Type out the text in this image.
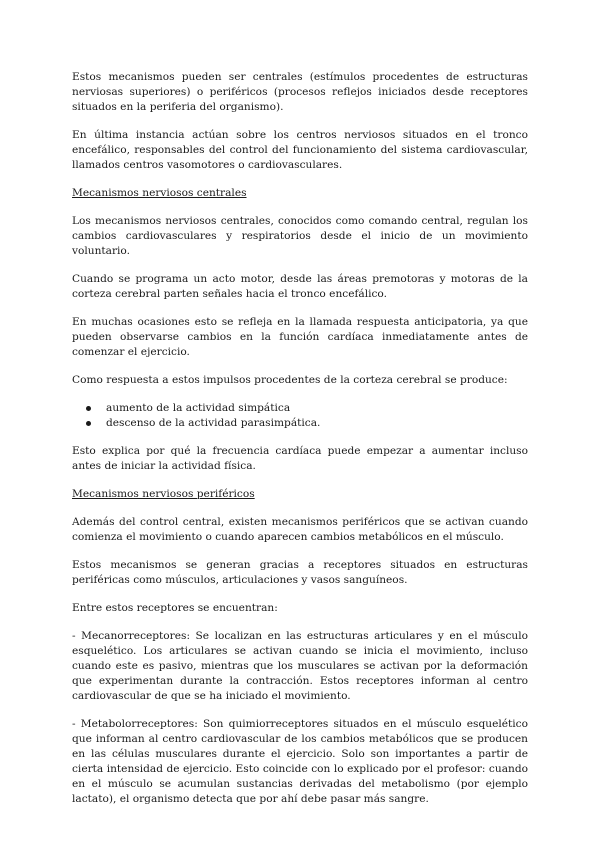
Estos mecanismos pueden ser centrales (estímulos procedentes de estructuras nerviosas superiores) o periféricos (procesos reflejos iniciados desde receptores situados en la periferia del organismo).

En última instancia actúan sobre los centros nerviosos situados en el tronco encefálico, responsables del control del funcionamiento del sistema cardiovascular, llamados centros vasomotores o cardiovasculares.

Mecanismos nerviosos centrales

Los mecanismos nerviosos centrales, conocidos como comando central, regulan los cambios cardiovasculares y respiratorios desde el inicio de un movimiento voluntario.

Cuando se programa un acto motor, desde las áreas premotoras y motoras de la corteza cerebral parten señales hacia el tronco encefálico.

En muchas ocasiones esto se refleja en la llamada respuesta anticipatoria, ya que pueden observarse cambios en la función cardíaca inmediatamente antes de comenzar el ejercicio.

Como respuesta a estos impulsos procedentes de la corteza cerebral se produce:

aumento de la actividad simpática
descenso de la actividad parasimpática.

Esto explica por qué la frecuencia cardíaca puede empezar a aumentar incluso antes de iniciar la actividad física.

Mecanismos nerviosos periféricos

Además del control central, existen mecanismos periféricos que se activan cuando comienza el movimiento o cuando aparecen cambios metabólicos en el músculo.

Estos mecanismos se generan gracias a receptores situados en estructuras periféricas como músculos, articulaciones y vasos sanguíneos.

Entre estos receptores se encuentran:

- Mecanorreceptores: Se localizan en las estructuras articulares y en el músculo esquelético. Los articulares se activan cuando se inicia el movimiento, incluso cuando este es pasivo, mientras que los musculares se activan por la deformación que experimentan durante la contracción. Estos receptores informan al centro cardiovascular de que se ha iniciado el movimiento.

- Metabolorreceptores: Son quimiorreceptores situados en el músculo esquelético que informan al centro cardiovascular de los cambios metabólicos que se producen en las células musculares durante el ejercicio. Solo son importantes a partir de cierta intensidad de ejercicio. Esto coincide con lo explicado por el profesor: cuando en el músculo se acumulan sustancias derivadas del metabolismo (por ejemplo lactato), el organismo detecta que por ahí debe pasar más sangre.
